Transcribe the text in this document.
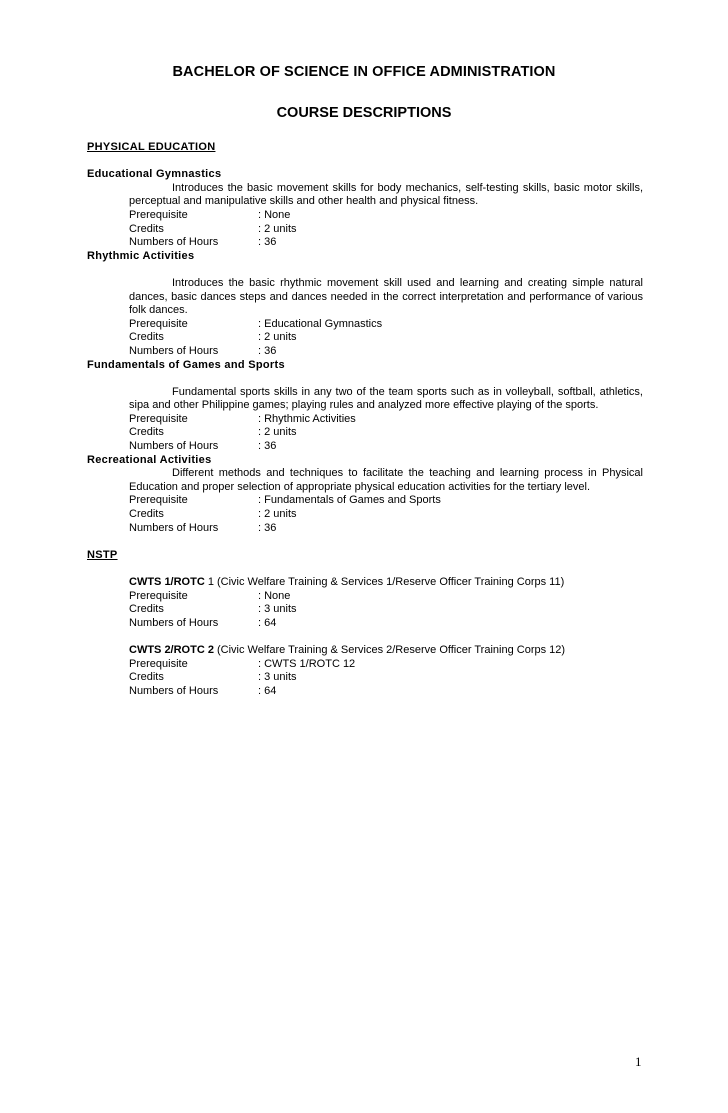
BACHELOR OF SCIENCE IN OFFICE ADMINISTRATION
COURSE DESCRIPTIONS
PHYSICAL EDUCATION
Educational Gymnastics
Introduces the basic movement skills for body mechanics, self-testing skills, basic motor skills, perceptual and manipulative skills and other health and physical fitness.
Prerequisite	: None
Credits	: 2 units
Numbers of Hours	: 36
Rhythmic Activities
Introduces the basic rhythmic movement skill used and learning and creating simple natural dances, basic dances steps and dances needed in the correct interpretation and performance of various folk dances.
Prerequisite	: Educational Gymnastics
Credits	: 2 units
Numbers of Hours	: 36
Fundamentals of Games and Sports
Fundamental sports skills in any two of the team sports such as in volleyball, softball, athletics, sipa and other Philippine games; playing rules and analyzed more effective playing of the sports.
Prerequisite	: Rhythmic Activities
Credits	: 2 units
Numbers of Hours	: 36
Recreational Activities
Different methods and techniques to facilitate the teaching and learning process in Physical Education and proper selection of appropriate physical education activities for the tertiary level.
Prerequisite	: Fundamentals of Games and Sports
Credits	: 2 units
Numbers of Hours	: 36
NSTP
CWTS 1/ROTC 1 (Civic Welfare Training & Services 1/Reserve Officer Training Corps 11)
Prerequisite	: None
Credits	: 3 units
Numbers of Hours	: 64
CWTS 2/ROTC 2 (Civic Welfare Training & Services 2/Reserve Officer Training Corps 12)
Prerequisite	: CWTS 1/ROTC 12
Credits	: 3 units
Numbers of Hours	: 64
1
